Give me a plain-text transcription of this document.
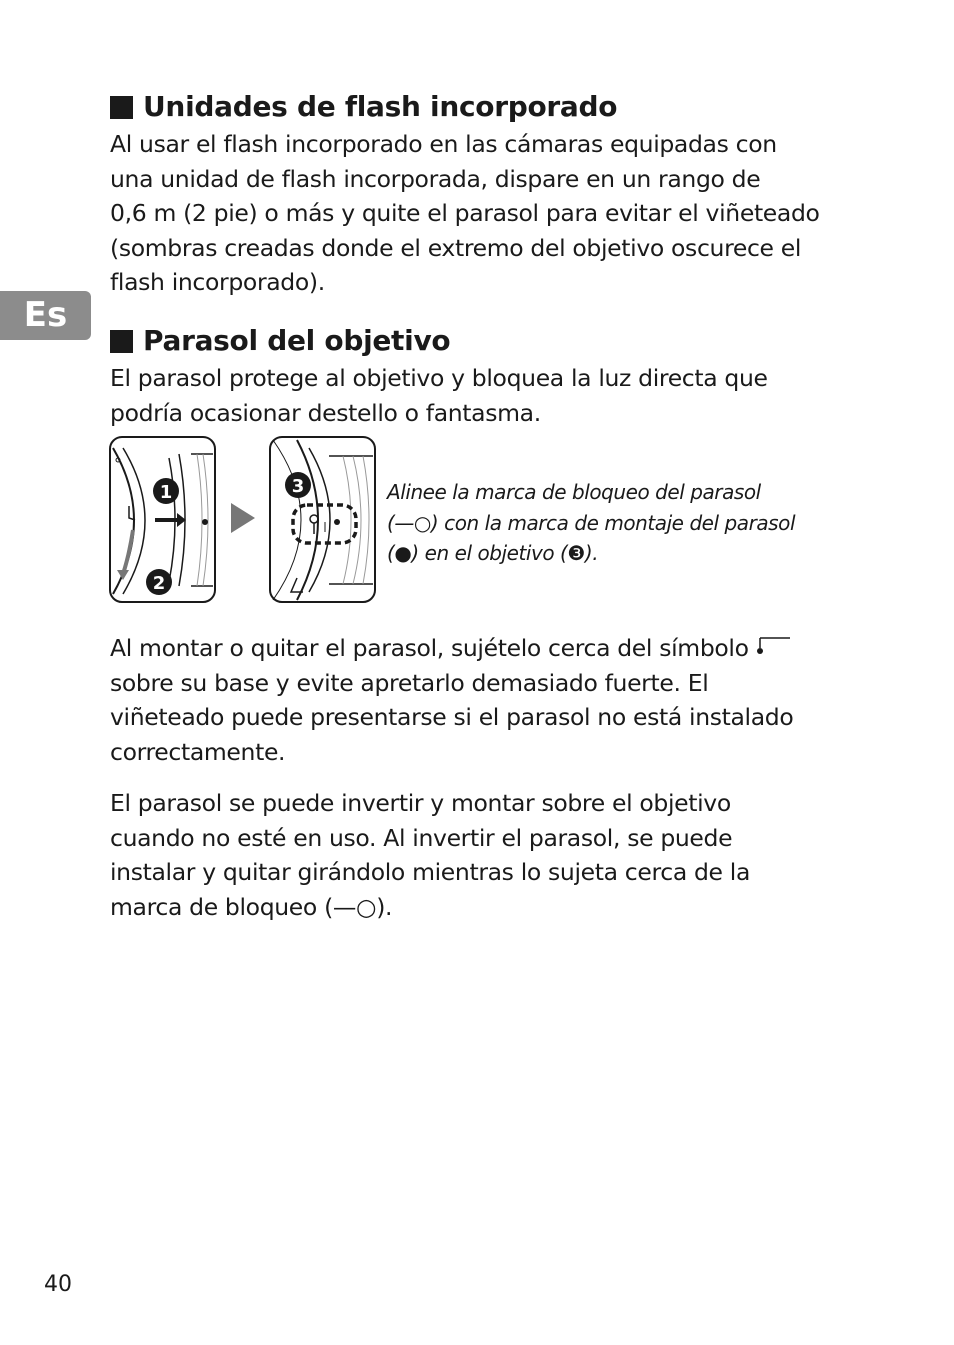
Es
Unidades de flash incorporado

Al usar el flash incorporado en las cámaras equipadas con
una unidad de flash incorporada, dispare en un rango de
0,6 m (2 pie) o más y quite el parasol para evitar el viñeteado
(sombras creadas donde el extremo del objetivo oscurece el
flash incorporado).

Parasol del objetivo

El parasol protege al objetivo y bloquea la luz directa que
podría ocasionar destello o fantasma.

1
2
3	Alinee la marca de bloqueo del parasol
(—○) con la marca de montaje del parasol
(●) en el objetivo (❸).

Al montar o quitar el parasol, sujételo cerca del símbolo
sobre su base y evite apretarlo demasiado fuerte. El
viñeteado puede presentarse si el parasol no está instalado
correctamente.

El parasol se puede invertir y montar sobre el objetivo
cuando no esté en uso. Al invertir el parasol, se puede
instalar y quitar girándolo mientras lo sujeta cerca de la
marca de bloqueo (—○).

40
